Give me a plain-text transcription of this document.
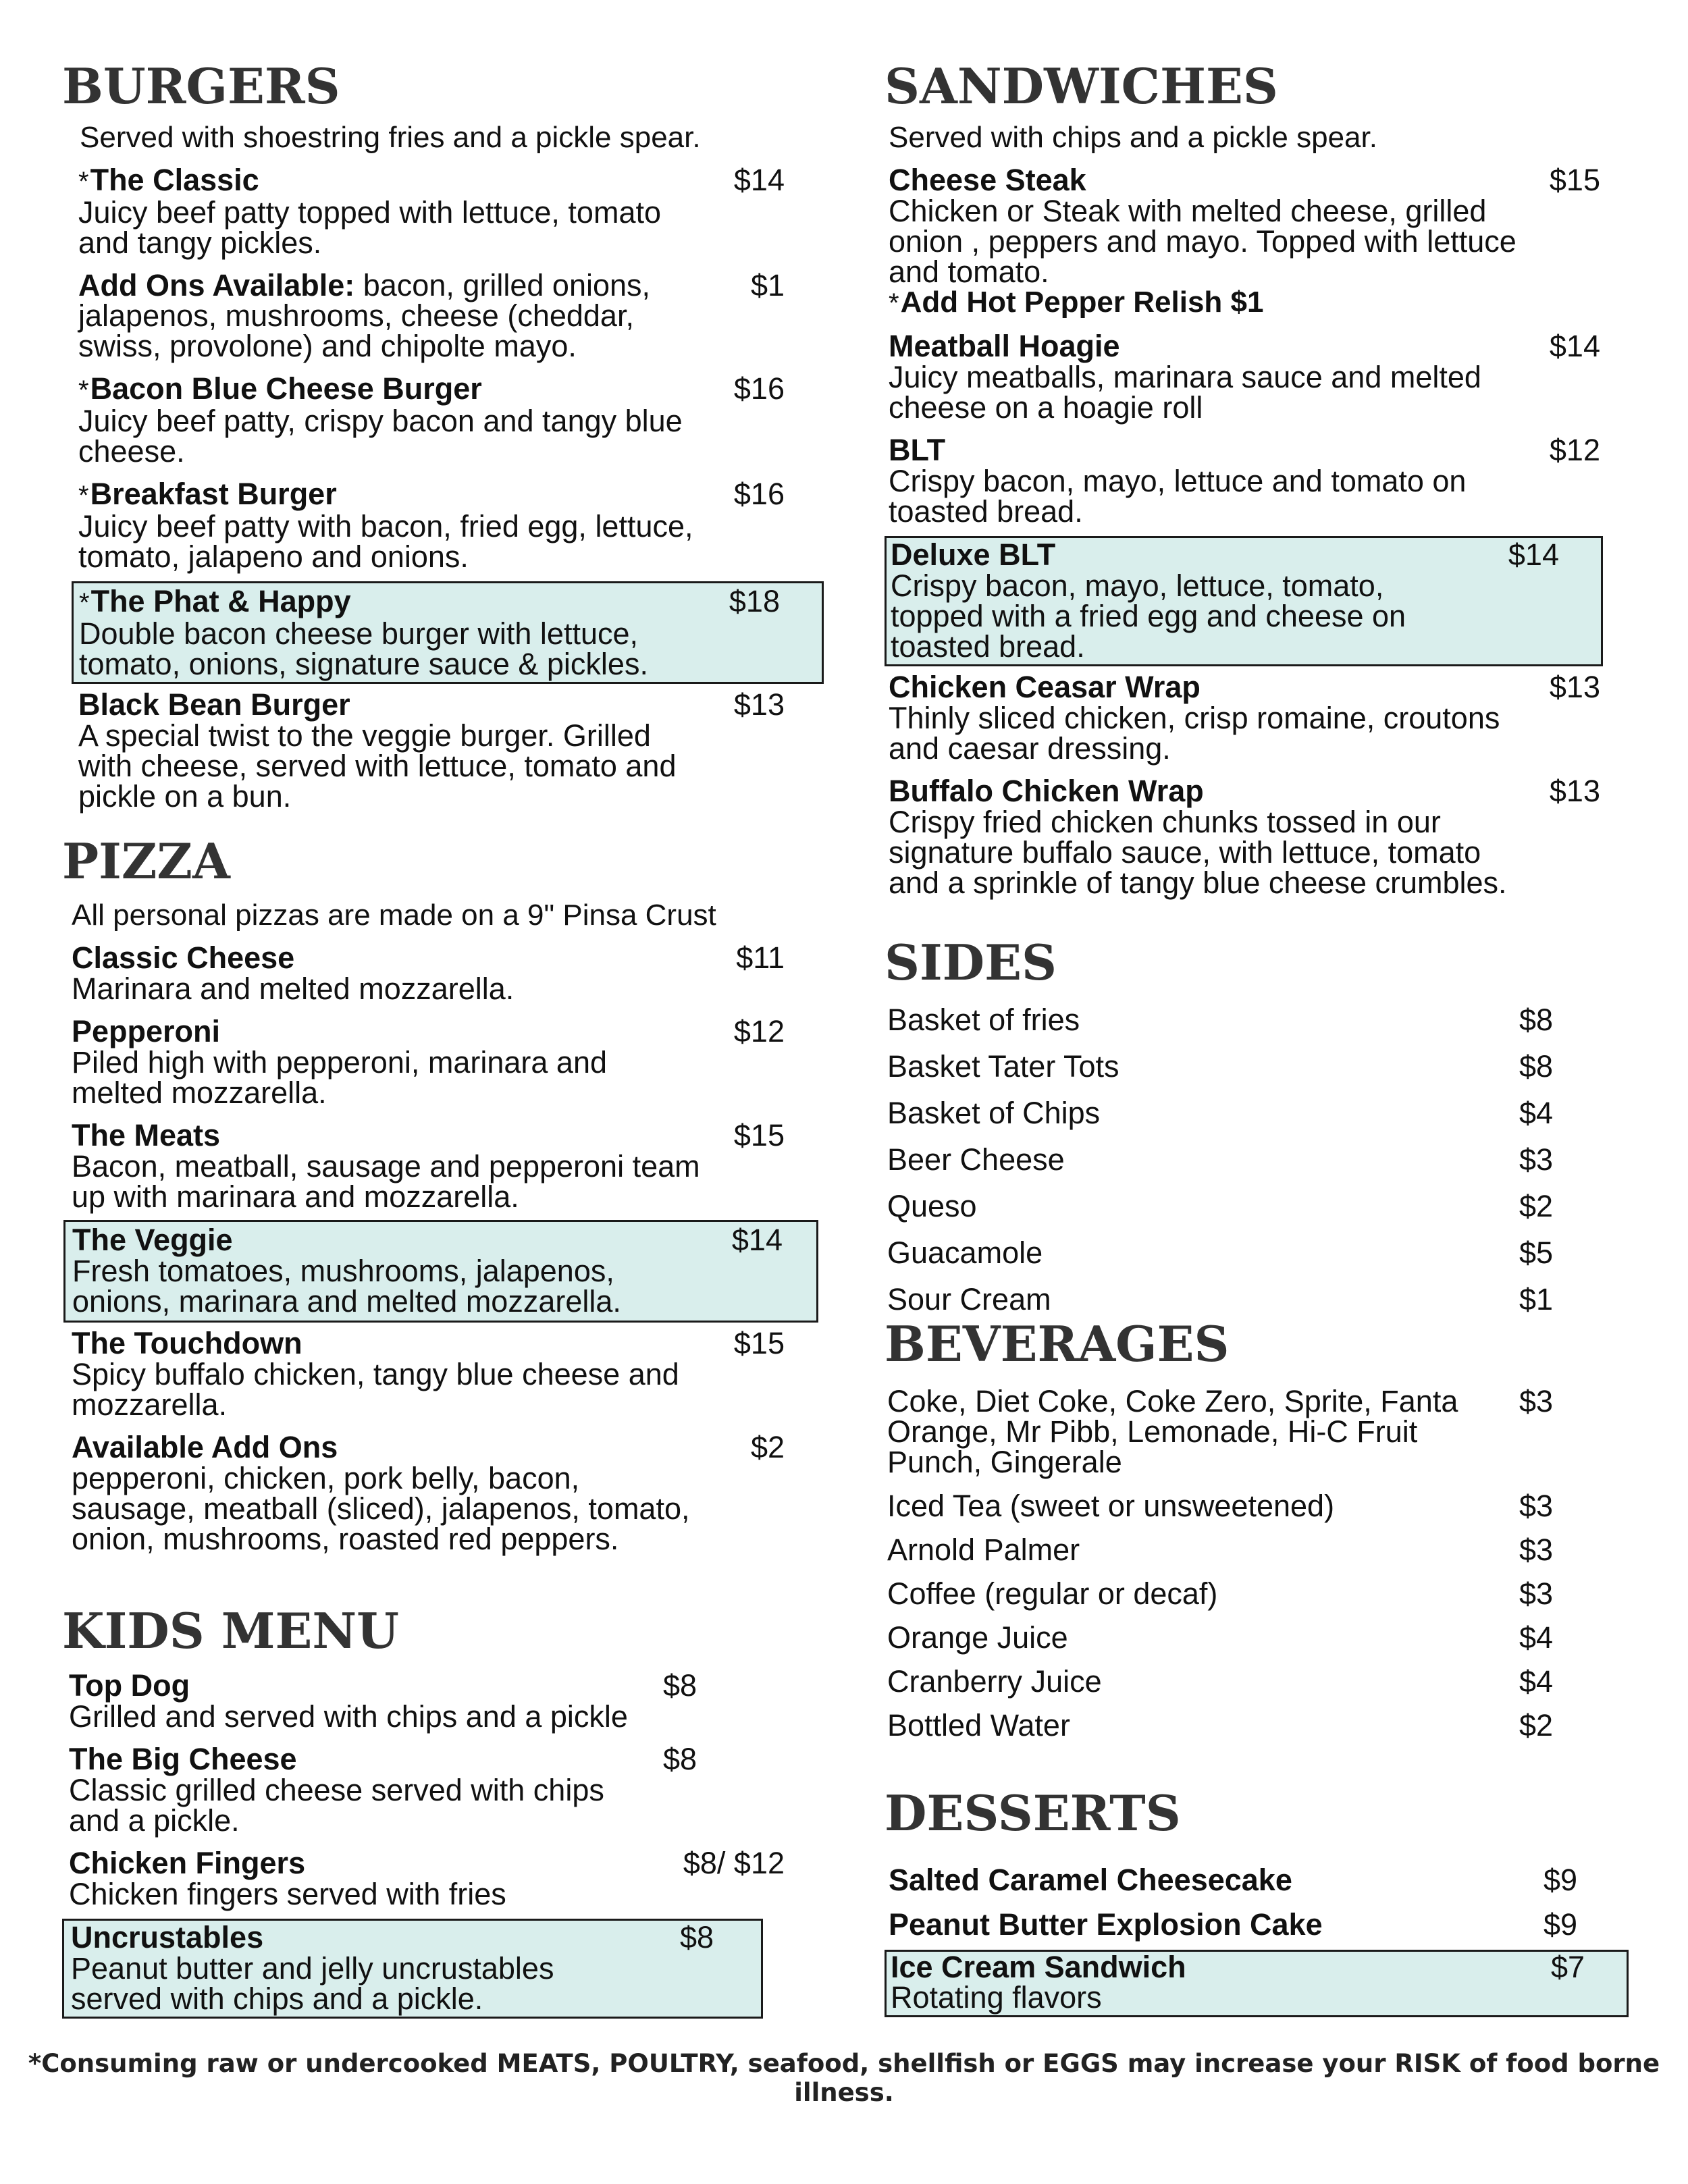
BURGERS
Served with shoestring fries and a pickle spear.
*The Classic
Juicy beef patty topped with lettuce, tomato and tangy pickles.
$14
Add Ons Available: bacon, grilled onions, jalapenos, mushrooms, cheese (cheddar, swiss, provolone) and chipolte mayo.
$1
*Bacon Blue Cheese Burger
Juicy beef patty, crispy bacon and tangy blue cheese.
$16
*Breakfast Burger
Juicy beef patty with bacon, fried egg, lettuce, tomato, jalapeno and onions.
$16
*The Phat & Happy
Double bacon cheese burger with lettuce, tomato, onions, signature sauce & pickles.
$18
Black Bean Burger
A special twist to the veggie burger. Grilled with cheese, served with lettuce, tomato and pickle on a bun.
$13
PIZZA
All personal pizzas are made on a 9" Pinsa Crust
Classic Cheese
Marinara and melted mozzarella.
$11
Pepperoni
Piled high with pepperoni, marinara and melted mozzarella.
$12
The Meats
Bacon, meatball, sausage and pepperoni team up with marinara and mozzarella.
$15
The Veggie
Fresh tomatoes, mushrooms, jalapenos, onions, marinara and melted mozzarella.
$14
The Touchdown
Spicy buffalo chicken, tangy blue cheese and mozzarella.
$15
Available Add Ons
pepperoni, chicken, pork belly, bacon, sausage, meatball (sliced), jalapenos, tomato, onion, mushrooms, roasted red peppers.
$2
KIDS MENU
Top Dog
Grilled and served with chips and a pickle
$8
The Big Cheese
Classic grilled cheese served with chips and a pickle.
$8
Chicken Fingers
Chicken fingers served with fries
$8/ $12
Uncrustables
Peanut butter and jelly uncrustables served with chips and a pickle.
$8
SANDWICHES
Served with chips and a pickle spear.
Cheese Steak
Chicken or Steak with melted cheese, grilled onion , peppers and mayo. Topped with lettuce and tomato.
*Add Hot Pepper Relish $1
$15
Meatball Hoagie
Juicy meatballs, marinara sauce and melted cheese on a hoagie roll
$14
BLT
Crispy bacon, mayo, lettuce and tomato on toasted bread.
$12
Deluxe BLT
Crispy bacon, mayo, lettuce, tomato, topped with a fried egg and cheese on toasted bread.
$14
Chicken Ceasar Wrap
Thinly sliced chicken, crisp romaine, croutons and caesar dressing.
$13
Buffalo Chicken Wrap
Crispy fried chicken chunks tossed in our signature buffalo sauce, with lettuce, tomato and a sprinkle of tangy blue cheese crumbles.
$13
SIDES
Basket of fries	$8
Basket Tater Tots	$8
Basket of Chips	$4
Beer Cheese	$3
Queso	$2
Guacamole	$5
Sour Cream	$1
BEVERAGES
Coke, Diet Coke, Coke Zero, Sprite, Fanta Orange, Mr Pibb, Lemonade, Hi-C Fruit Punch, Gingerale
$3
Iced Tea (sweet or unsweetened)	$3
Arnold Palmer	$3
Coffee (regular or decaf)	$3
Orange Juice	$4
Cranberry Juice	$4
Bottled Water	$2
DESSERTS
Salted Caramel Cheesecake	$9
Peanut Butter Explosion Cake	$9
Ice Cream Sandwich
Rotating flavors
$7
*Consuming raw or undercooked MEATS, POULTRY, seafood, shellfish or EGGS may increase your RISK of food borne illness.
